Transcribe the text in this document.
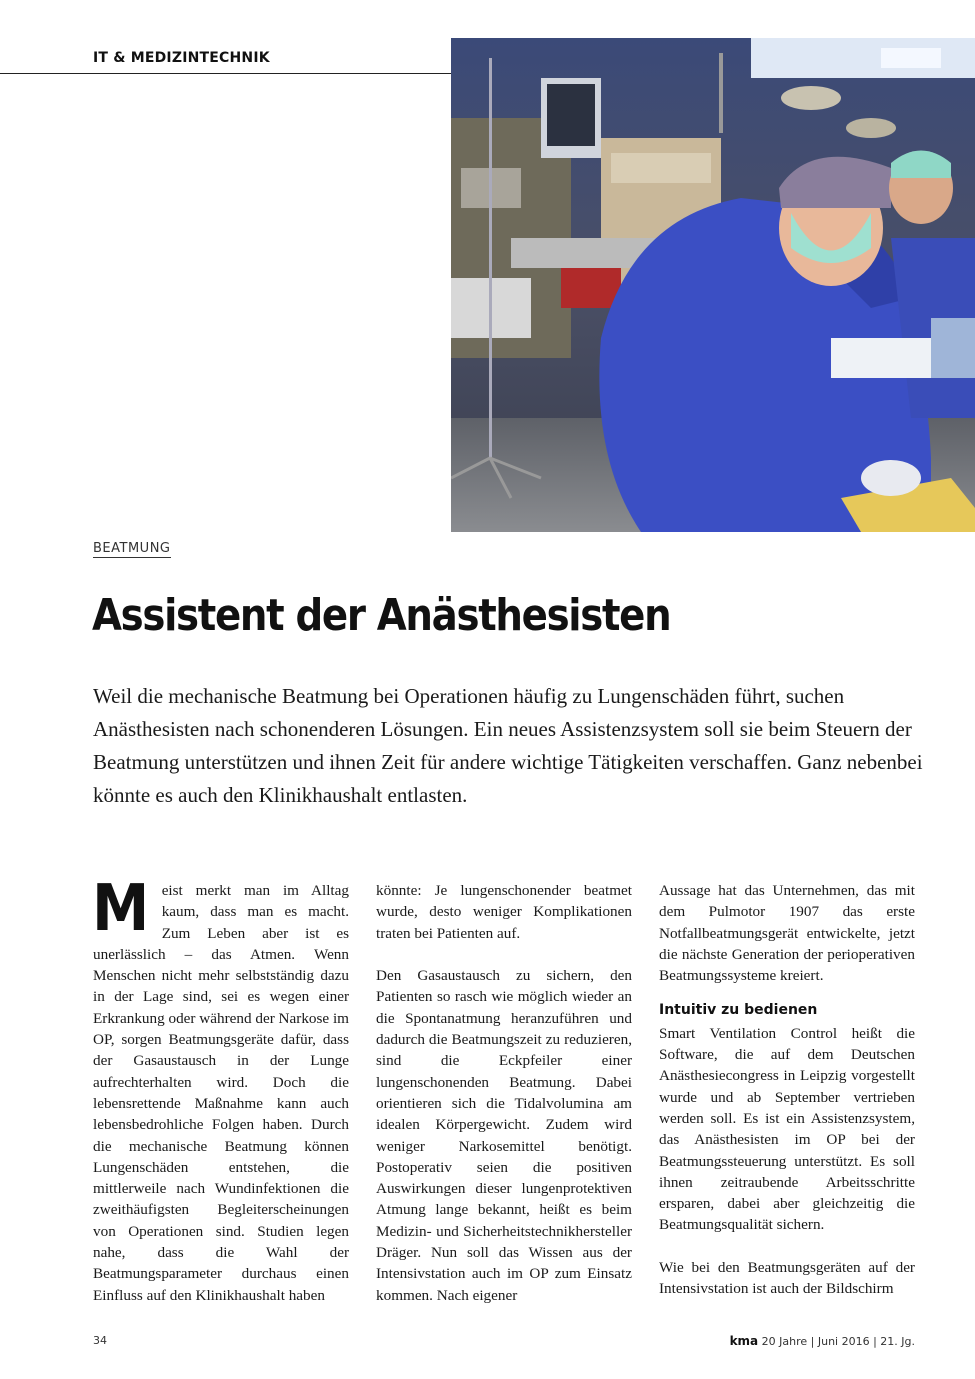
IT & MEDIZINTECHNIK
BEATMUNG
Assistent der Anästhesisten
Weil die mechanische Beatmung bei Operationen häufig zu Lungenschäden führt, suchen Anästhesisten nach schonenderen Lösungen. Ein neues Assistenzsystem soll sie beim Steuern der Beatmung unterstützen und ihnen Zeit für andere wichtige Tätigkeiten verschaffen. Ganz nebenbei könnte es auch den Klinikhaushalt entlasten.

Meist merkt man im Alltag kaum, dass man es macht. Zum Leben aber ist es unerlässlich – das Atmen. Wenn Menschen nicht mehr selbstständig dazu in der Lage sind, sei es wegen einer Erkrankung oder während der Narkose im OP, sorgen Beatmungsgeräte dafür, dass der Gasaustausch in der Lunge aufrechterhalten wird. Doch die lebensrettende Maßnahme kann auch lebensbedrohliche Folgen haben. Durch die mechanische Beatmung können Lungenschäden entstehen, die mittlerweile nach Wundinfektionen die zweithäufigsten Begleiterscheinungen von Operationen sind. Studien legen nahe, dass die Wahl der Beatmungsparameter durchaus einen Einfluss auf den Klinikhaushalt haben

könnte: Je lungenschonender beatmet wurde, desto weniger Komplikationen traten bei Patienten auf.

Den Gasaustausch zu sichern, den Patienten so rasch wie möglich wieder an die Spontanatmung heranzuführen und dadurch die Beatmungszeit zu reduzieren, sind die Eckpfeiler einer lungenschonenden Beatmung. Dabei orientieren sich die Tidalvolumina am idealen Körpergewicht. Zudem wird weniger Narkosemittel benötigt. Postoperativ seien die positiven Auswirkungen dieser lungenprotektiven Atmung lange bekannt, heißt es beim Medizin- und Sicherheitstechnikhersteller Dräger. Nun soll das Wissen aus der Intensivstation auch im OP zum Einsatz kommen. Nach eigener

Aussage hat das Unternehmen, das mit dem Pulmotor 1907 das erste Notfallbeatmungsgerät entwickelte, jetzt die nächste Generation der perioperativen Beatmungssysteme kreiert.

Intuitiv zu bedienen

Smart Ventilation Control heißt die Software, die auf dem Deutschen Anästhesiecongress in Leipzig vorgestellt wurde und ab September vertrieben werden soll. Es ist ein Assistenzsystem, das Anästhesisten im OP bei der Beatmungssteuerung unterstützt. Es soll ihnen zeitraubende Arbeitsschritte ersparen, dabei aber gleichzeitig die Beatmungsqualität sichern.

Wie bei den Beatmungsgeräten auf der Intensivstation ist auch der Bildschirm

34	kma 20 Jahre | Juni 2016 | 21. Jg.
